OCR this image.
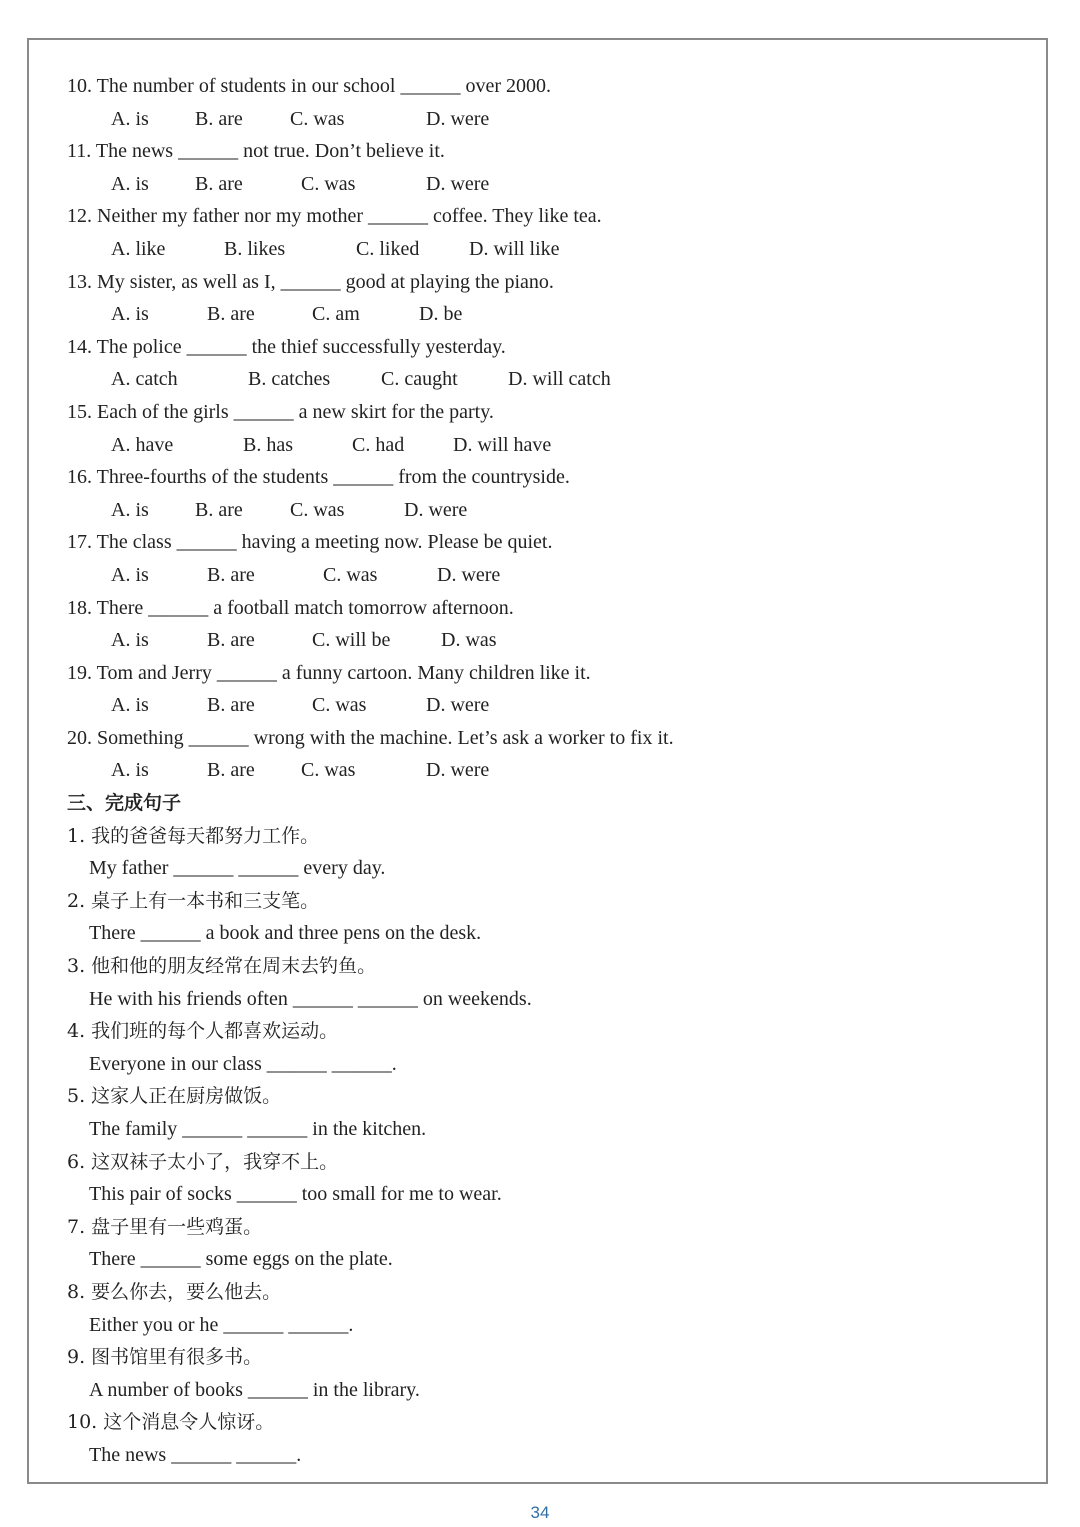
10. The number of students in our school ______ over 2000.
A. is B. are C. was	D. were
11. The news ______ not true. Don’t believe it.
A. is B. are	C. was	D. were
12. Neither my father nor my mother ______ coffee. They like tea.
A. like	B. likes	C. liked D. will like
13. My sister, as well as I, ______ good at playing the piano.
A. is	B. are	C. am	D. be
14. The police ______ the thief successfully yesterday.
A. catch	B. catches	C. caught	D. will catch
15. Each of the girls ______ a new skirt for the party.
A. have	B. has	C. had D. will have
16. Three-fourths of the students ______ from the countryside.
A. is B. are C. was	D. were
17. The class ______ having a meeting now. Please be quiet.
A. is	B. are	C. was	D. were
18. There ______ a football match tomorrow afternoon.
A. is	B. are	C. will be	D. was
19. Tom and Jerry ______ a funny cartoon. Many children like it.
A. is	B. are	C. was	D. were
20. Something ______ wrong with the machine. Let’s ask a worker to fix it.
A. is	B. are C. was	D. were
三、完成句子
1. 我的爸爸每天都努力工作。
My father ______ ______ every day.
2. 桌子上有一本书和三支笔。
There ______ a book and three pens on the desk.
3. 他和他的朋友经常在周末去钓鱼。
He with his friends often ______ ______ on weekends.
4. 我们班的每个人都喜欢运动。
Everyone in our class ______ ______.
5. 这家人正在厨房做饭。
The family ______ ______ in the kitchen.
6. 这双袜子太小了，我穿不上。
This pair of socks ______ too small for me to wear.
7. 盘子里有一些鸡蛋。
There ______ some eggs on the plate.
8. 要么你去，要么他去。
Either you or he ______ ______.
9. 图书馆里有很多书。
A number of books ______ in the library.
10. 这个消息令人惊讶。
The news ______ ______.
34
